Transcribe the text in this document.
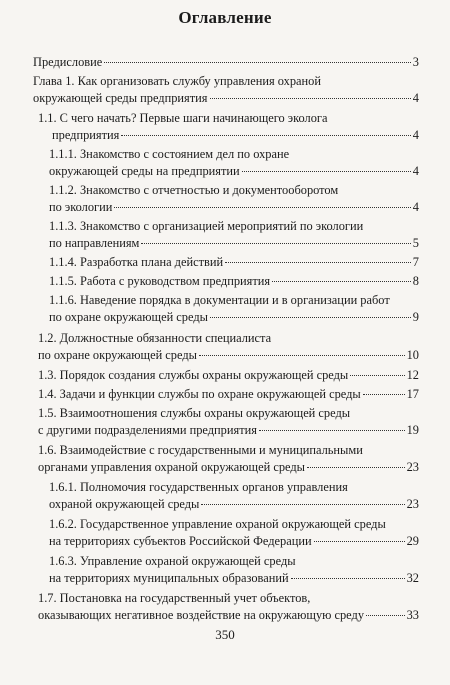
Оглавление
Предисловие	3
Глава 1. Как организовать службу управления охраной
окружающей среды предприятия	4
1.1. С чего начать? Первые шаги начинающего эколога
предприятия	4
1.1.1. Знакомство с состоянием дел по охране
окружающей среды на предприятии	4
1.1.2. Знакомство с отчетностью и документооборотом
по экологии	4
1.1.3. Знакомство с организацией мероприятий по экологии
по направлениям	5
1.1.4. Разработка плана действий	7
1.1.5. Работа с руководством предприятия	8
1.1.6. Наведение порядка в документации и в организации работ
по охране окружающей среды	9
1.2. Должностные обязанности специалиста
по охране окружающей среды	10
1.3. Порядок создания службы охраны окружающей среды	12
1.4. Задачи и функции службы по охране окружающей среды	17
1.5. Взаимоотношения службы охраны окружающей среды
с другими подразделениями предприятия	19
1.6. Взаимодействие с государственными и муниципальными
органами управления охраной окружающей среды	23
1.6.1. Полномочия государственных органов управления
охраной окружающей среды	23
1.6.2. Государственное управление охраной окружающей среды
на территориях субъектов Российской Федерации	29
1.6.3. Управление охраной окружающей среды
на территориях муниципальных образований	32
1.7. Постановка на государственный учет объектов,
оказывающих негативное воздействие на окружающую среду	33
350
